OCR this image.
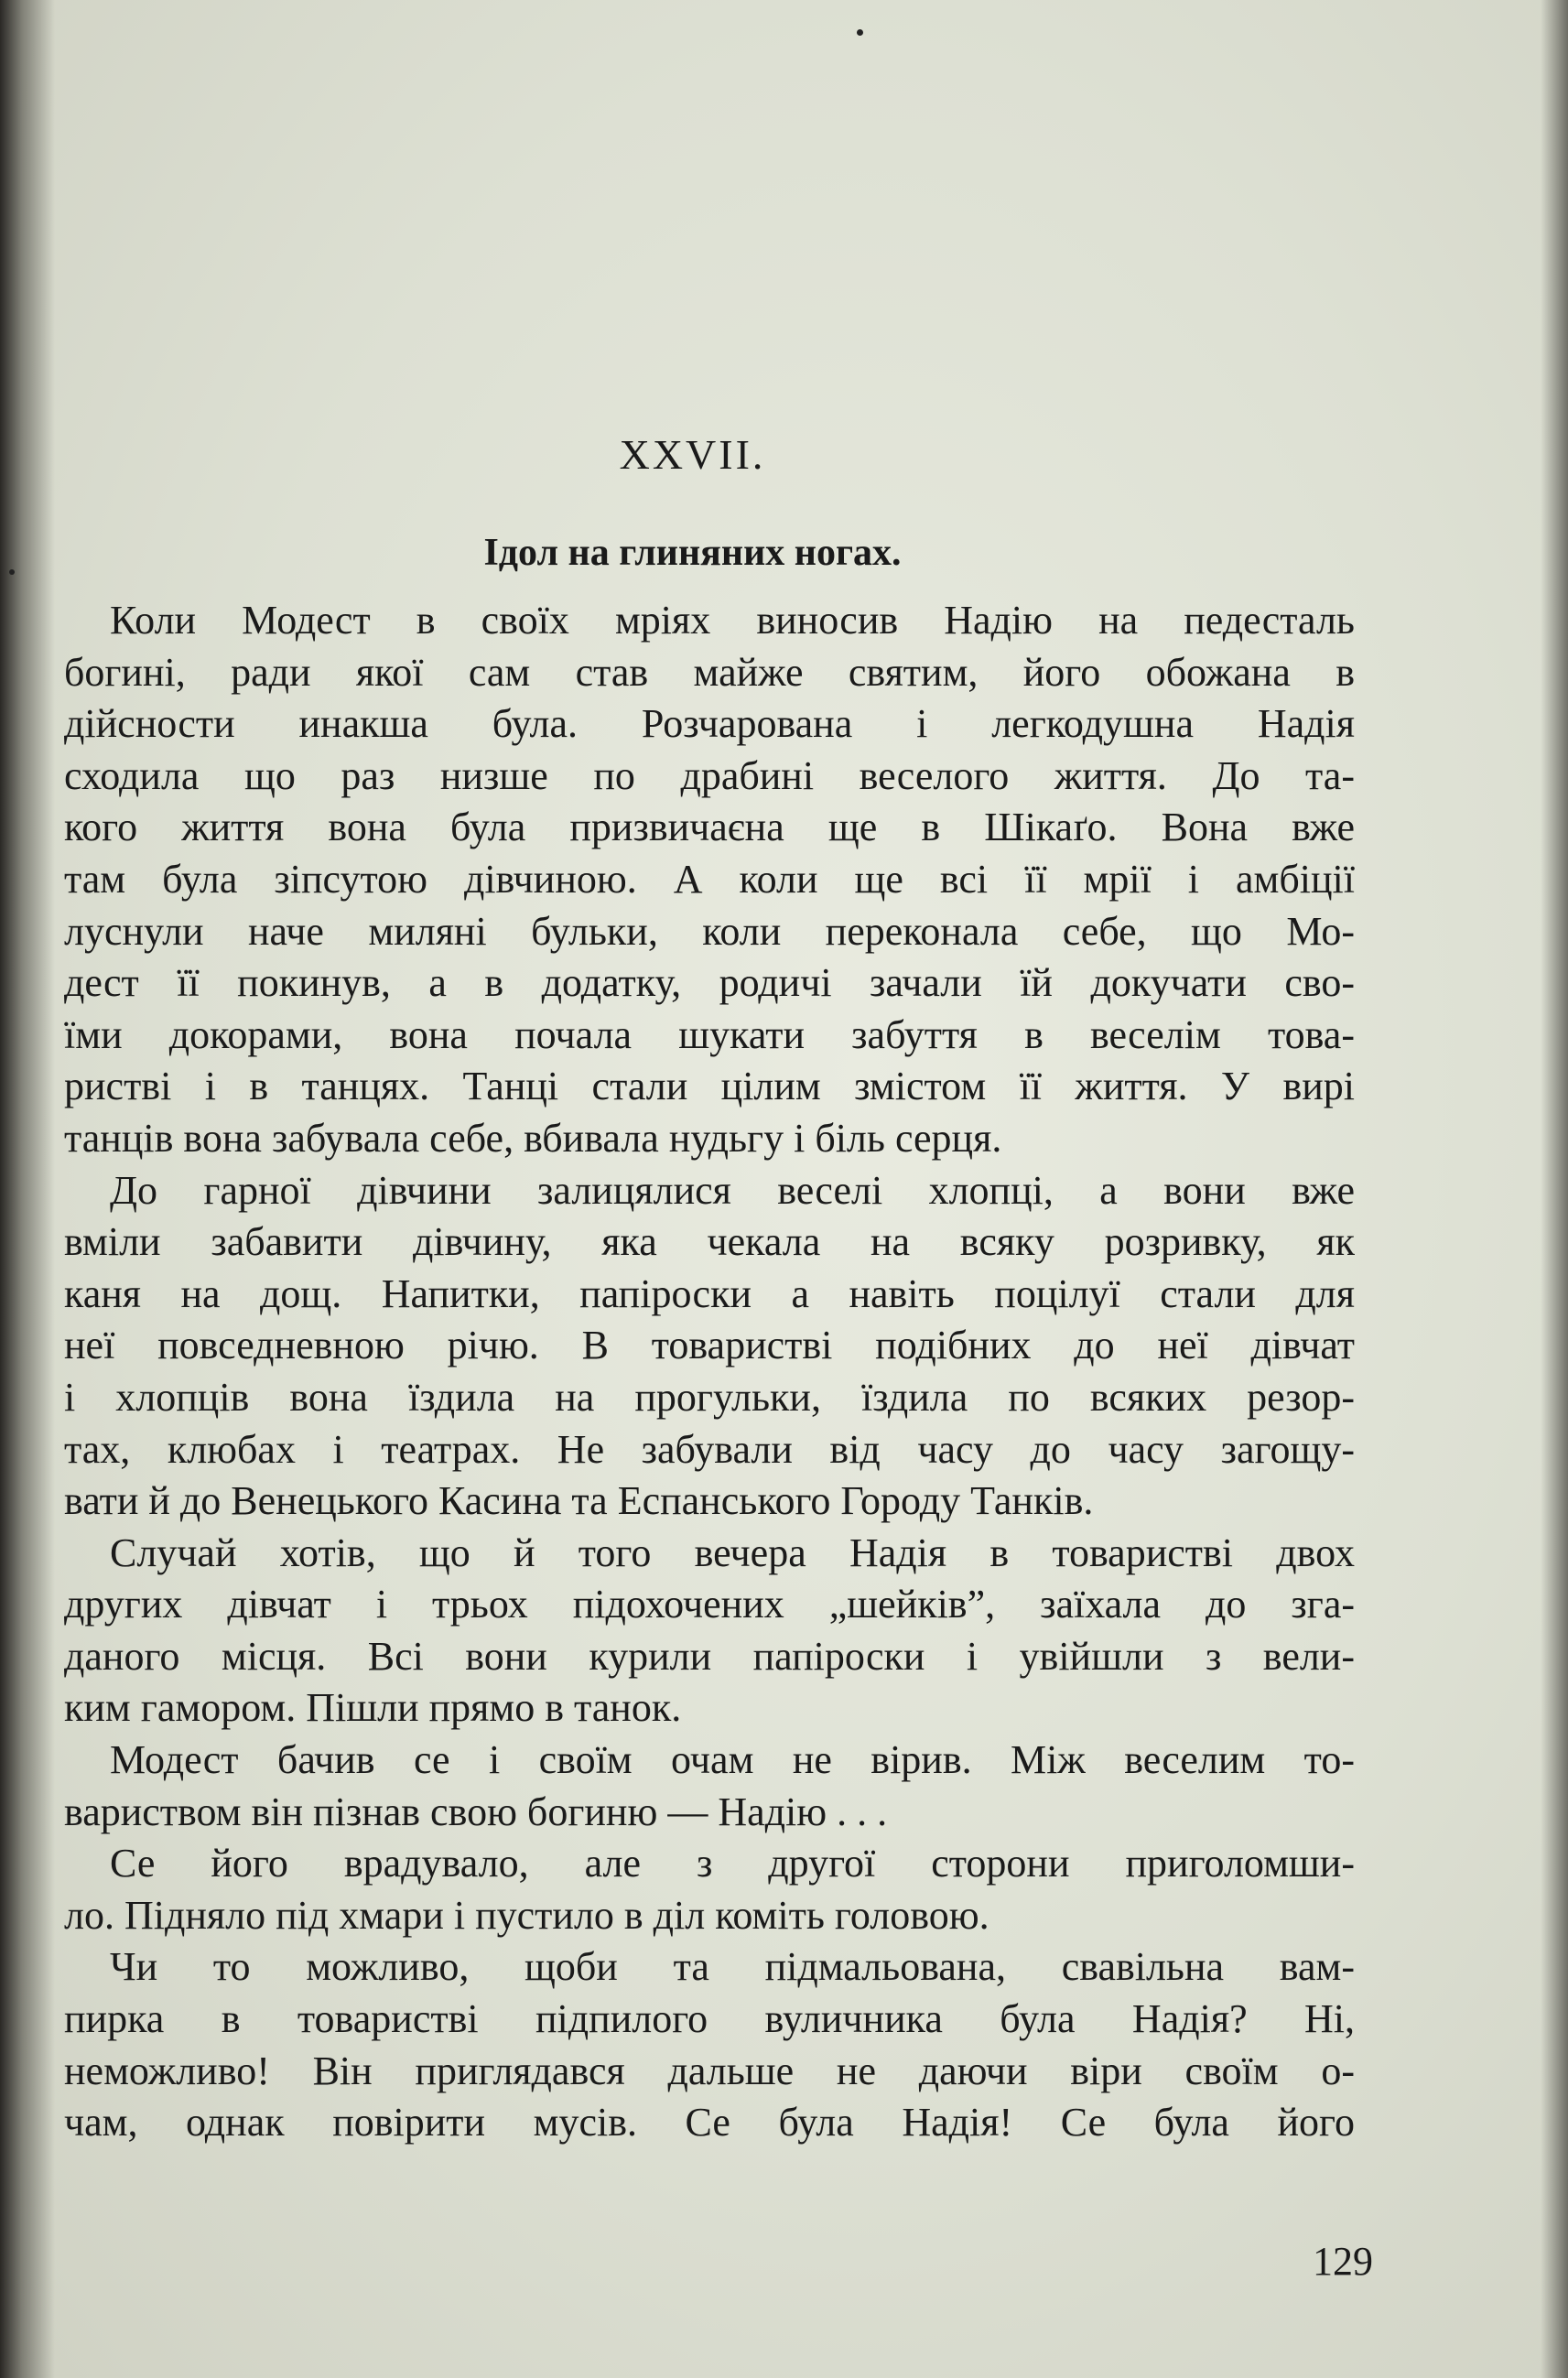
XXVII.
Ідол на глиняних ногах.
Коли Модест в своїх мріях виносив Надію на педесталь
богині, ради якої сам став майже святим, його обожана в
дійсности инакша була. Розчарована і легкодушна Надія
сходила що раз низше по драбині веселого життя. До та-
кого життя вона була призвичаєна ще в Шікаґо. Вона вже
там була зіпсутою дівчиною. А коли ще всі її мрії і амбіції
луснули наче миляні бульки, коли переконала себе, що Мо-
дест її покинув, а в додатку, родичі зачали їй докучати сво-
їми докорами, вона почала шукати забуття в веселім това-
ристві і в танцях. Танці стали цілим змістом її життя. У вирі
танців вона забувала себе, вбивала нудьгу і біль серця.
До гарної дівчини залицялися веселі хлопці, а вони вже
вміли забавити дівчину, яка чекала на всяку розривку, як
каня на дощ. Напитки, папіроски а навіть поцілуї стали для
неї повседневною річю. В товаристві подібних до неї дівчат
і хлопців вона їздила на прогульки, їздила по всяких резор-
тах, клюбах і театрах. Не забували від часу до часу загощу-
вати й до Венецького Касина та Еспанського Городу Танків.
Случай хотів, що й того вечера Надія в товаристві двох
других дівчат і трьох підохочених „шейків”, заїхала до зга-
даного місця. Всі вони курили папіроски і увійшли з вели-
ким гамором. Пішли прямо в танок.
Модест бачив се і своїм очам не вірив. Між веселим то-
вариством він пізнав свою богиню — Надію . . .
Се його врадувало, але з другої сторони приголомши-
ло. Підняло під хмари і пустило в діл коміть головою.
Чи то можливо, щоби та підмальована, свавільна вам-
пирка в товаристві підпилого вуличника була Надія? Ні,
неможливо! Він приглядався дальше не даючи віри своїм о-
чам, однак повірити мусів. Се була Надія! Се була його
129
